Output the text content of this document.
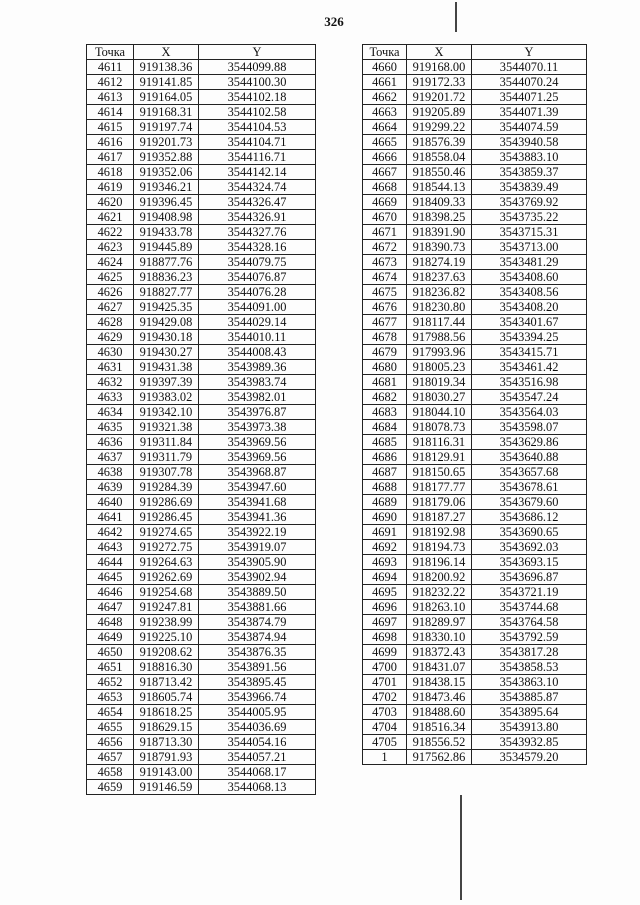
326
Точка	X	Y
4611	919138.36	3544099.88
4612	919141.85	3544100.30
4613	919164.05	3544102.18
4614	919168.31	3544102.58
4615	919197.74	3544104.53
4616	919201.73	3544104.71
4617	919352.88	3544116.71
4618	919352.06	3544142.14
4619	919346.21	3544324.74
4620	919396.45	3544326.47
4621	919408.98	3544326.91
4622	919433.78	3544327.76
4623	919445.89	3544328.16
4624	918877.76	3544079.75
4625	918836.23	3544076.87
4626	918827.77	3544076.28
4627	919425.35	3544091.00
4628	919429.08	3544029.14
4629	919430.18	3544010.11
4630	919430.27	3544008.43
4631	919431.38	3543989.36
4632	919397.39	3543983.74
4633	919383.02	3543982.01
4634	919342.10	3543976.87
4635	919321.38	3543973.38
4636	919311.84	3543969.56
4637	919311.79	3543969.56
4638	919307.78	3543968.87
4639	919284.39	3543947.60
4640	919286.69	3543941.68
4641	919286.45	3543941.36
4642	919274.65	3543922.19
4643	919272.75	3543919.07
4644	919264.63	3543905.90
4645	919262.69	3543902.94
4646	919254.68	3543889.50
4647	919247.81	3543881.66
4648	919238.99	3543874.79
4649	919225.10	3543874.94
4650	919208.62	3543876.35
4651	918816.30	3543891.56
4652	918713.42	3543895.45
4653	918605.74	3543966.74
4654	918618.25	3544005.95
4655	918629.15	3544036.69
4656	918713.30	3544054.16
4657	918791.93	3544057.21
4658	919143.00	3544068.17
4659	919146.59	3544068.13
Точка	X	Y
4660	919168.00	3544070.11
4661	919172.33	3544070.24
4662	919201.72	3544071.25
4663	919205.89	3544071.39
4664	919299.22	3544074.59
4665	918576.39	3543940.58
4666	918558.04	3543883.10
4667	918550.46	3543859.37
4668	918544.13	3543839.49
4669	918409.33	3543769.92
4670	918398.25	3543735.22
4671	918391.90	3543715.31
4672	918390.73	3543713.00
4673	918274.19	3543481.29
4674	918237.63	3543408.60
4675	918236.82	3543408.56
4676	918230.80	3543408.20
4677	918117.44	3543401.67
4678	917988.56	3543394.25
4679	917993.96	3543415.71
4680	918005.23	3543461.42
4681	918019.34	3543516.98
4682	918030.27	3543547.24
4683	918044.10	3543564.03
4684	918078.73	3543598.07
4685	918116.31	3543629.86
4686	918129.91	3543640.88
4687	918150.65	3543657.68
4688	918177.77	3543678.61
4689	918179.06	3543679.60
4690	918187.27	3543686.12
4691	918192.98	3543690.65
4692	918194.73	3543692.03
4693	918196.14	3543693.15
4694	918200.92	3543696.87
4695	918232.22	3543721.19
4696	918263.10	3543744.68
4697	918289.97	3543764.58
4698	918330.10	3543792.59
4699	918372.43	3543817.28
4700	918431.07	3543858.53
4701	918438.15	3543863.10
4702	918473.46	3543885.87
4703	918488.60	3543895.64
4704	918516.34	3543913.80
4705	918556.52	3543932.85
1	917562.86	3534579.20
